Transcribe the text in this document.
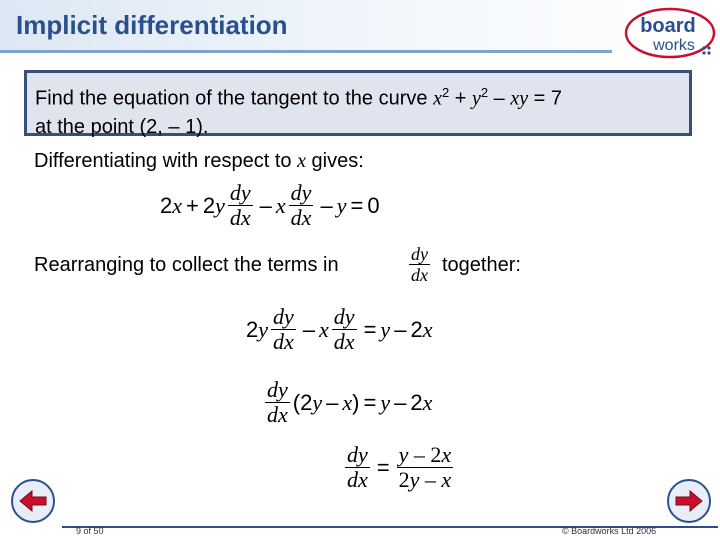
Implicit differentiation	board
works
Find the equation of the tangent to the curve $x^2 + y^2$ – xy = 7
at the point (2, – 1).
Differentiating with respect to x gives:
2 x + 2 y $\frac{dy}{dx} - x \frac{dy}{dx} - y = 0$
Rearranging to collect the terms in	$\frac{dy}{dx}$ together:
2 y $\frac{dy}{dx} - x \frac{dy}{dx} = y - 2$ x
$\frac{dy}{dx}$ ( 2 y – x ) = y – 2 x
$\frac{dy}{dx} = \frac{y - 2x}{2y - x}$
9 of 50	© Boardworks Ltd 2006
